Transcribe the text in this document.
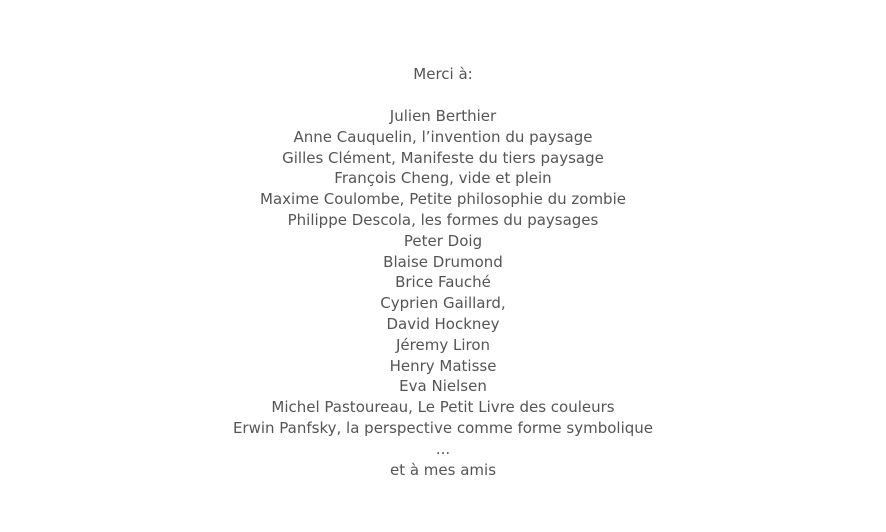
Merci à:
Julien Berthier
Anne Cauquelin, l’invention du paysage
Gilles Clément, Manifeste du tiers paysage
François Cheng, vide et plein
Maxime Coulombe, Petite philosophie du zombie
Philippe Descola, les formes du paysages
Peter Doig
Blaise Drumond
Brice Fauché
Cyprien Gaillard,
David Hockney
Jéremy Liron
Henry Matisse
Eva Nielsen
Michel Pastoureau, Le Petit Livre des couleurs
Erwin Panfsky, la perspective comme forme symbolique
...
et à mes amis
